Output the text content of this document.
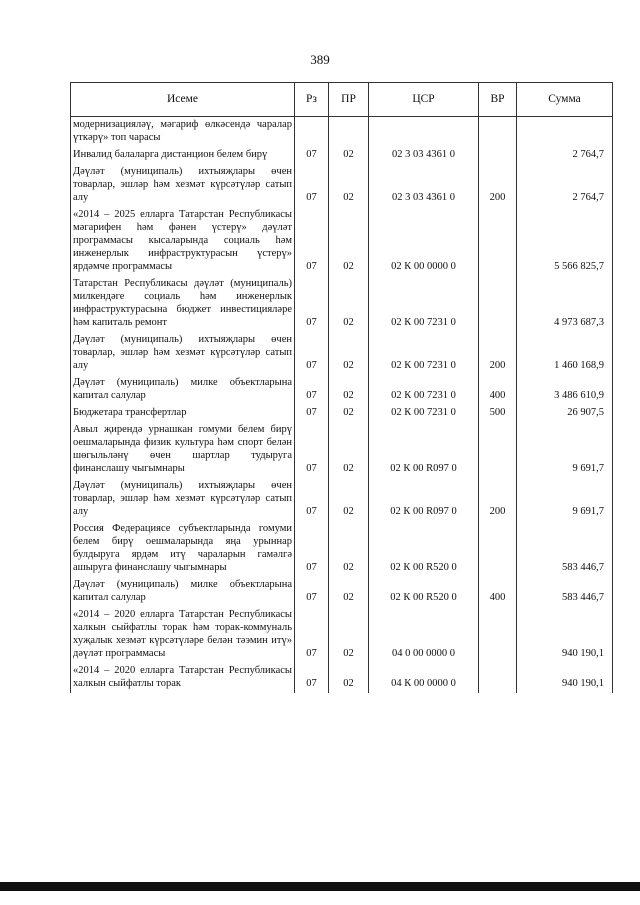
389
Исеме	Рз	ПР	ЦСР	ВР	Сумма
модернизацияләү, мәгариф өлкәсендә чаралар үткәрү» топ чарасы					
Инвалид балаларга дистанцион белем бирү	07	02	02 3 03 4361 0		2 764,7
Дәүләт (муниципаль) ихтыяҗлары өчен товарлар, эшләр һәм хезмәт күрсәтүләр сатып алу	07	02	02 3 03 4361 0	200	2 764,7
«2014 – 2025 елларга Татарстан Республикасы мәгарифен һәм фәнен үстерү» дәүләт программасы кысаларында социаль һәм инженерлык инфраструктурасын үстерү» ярдәмче программасы	07	02	02 К 00 0000 0		5 566 825,7
Татарстан Республикасы дәүләт (муниципаль) милкендәге социаль һәм инженерлык инфраструктурасына бюджет инвестицияләре һәм капиталь ремонт	07	02	02 К 00 7231 0		4 973 687,3
Дәүләт (муниципаль) ихтыяҗлары өчен товарлар, эшләр һәм хезмәт күрсәтүләр сатып алу	07	02	02 К 00 7231 0	200	1 460 168,9
Дәүләт (муниципаль) милке объектларына капитал салулар	07	02	02 К 00 7231 0	400	3 486 610,9
Бюджетара трансфертлар	07	02	02 К 00 7231 0	500	26 907,5
Авыл җирендә урнашкан гомуми белем бирү оешмаларында физик культура һәм спорт белән шөгыльләнү өчен шартлар тудыруга финанслашу чыгымнары	07	02	02 К 00 R097 0		9 691,7
Дәүләт (муниципаль) ихтыяҗлары өчен товарлар, эшләр һәм хезмәт күрсәтүләр сатып алу	07	02	02 К 00 R097 0	200	9 691,7
Россия Федерациясе субъектларында гомуми белем бирү оешмаларында яңа урыннар булдыруга ярдәм итү чараларын гамәлгә ашыруга финанслашу чыгымнары	07	02	02 К 00 R520 0		583 446,7
Дәүләт (муниципаль) милке объектларына капитал салулар	07	02	02 К 00 R520 0	400	583 446,7
«2014 – 2020 елларга Татарстан Республикасы халкын сыйфатлы торак һәм торак-коммуналь хуҗалык хезмәт күрсәтүләре белән тәэмин итү» дәүләт программасы	07	02	04 0 00 0000 0		940 190,1
«2014 – 2020 елларга Татарстан Республикасы халкын сыйфатлы торак	07	02	04 К 00 0000 0		940 190,1
